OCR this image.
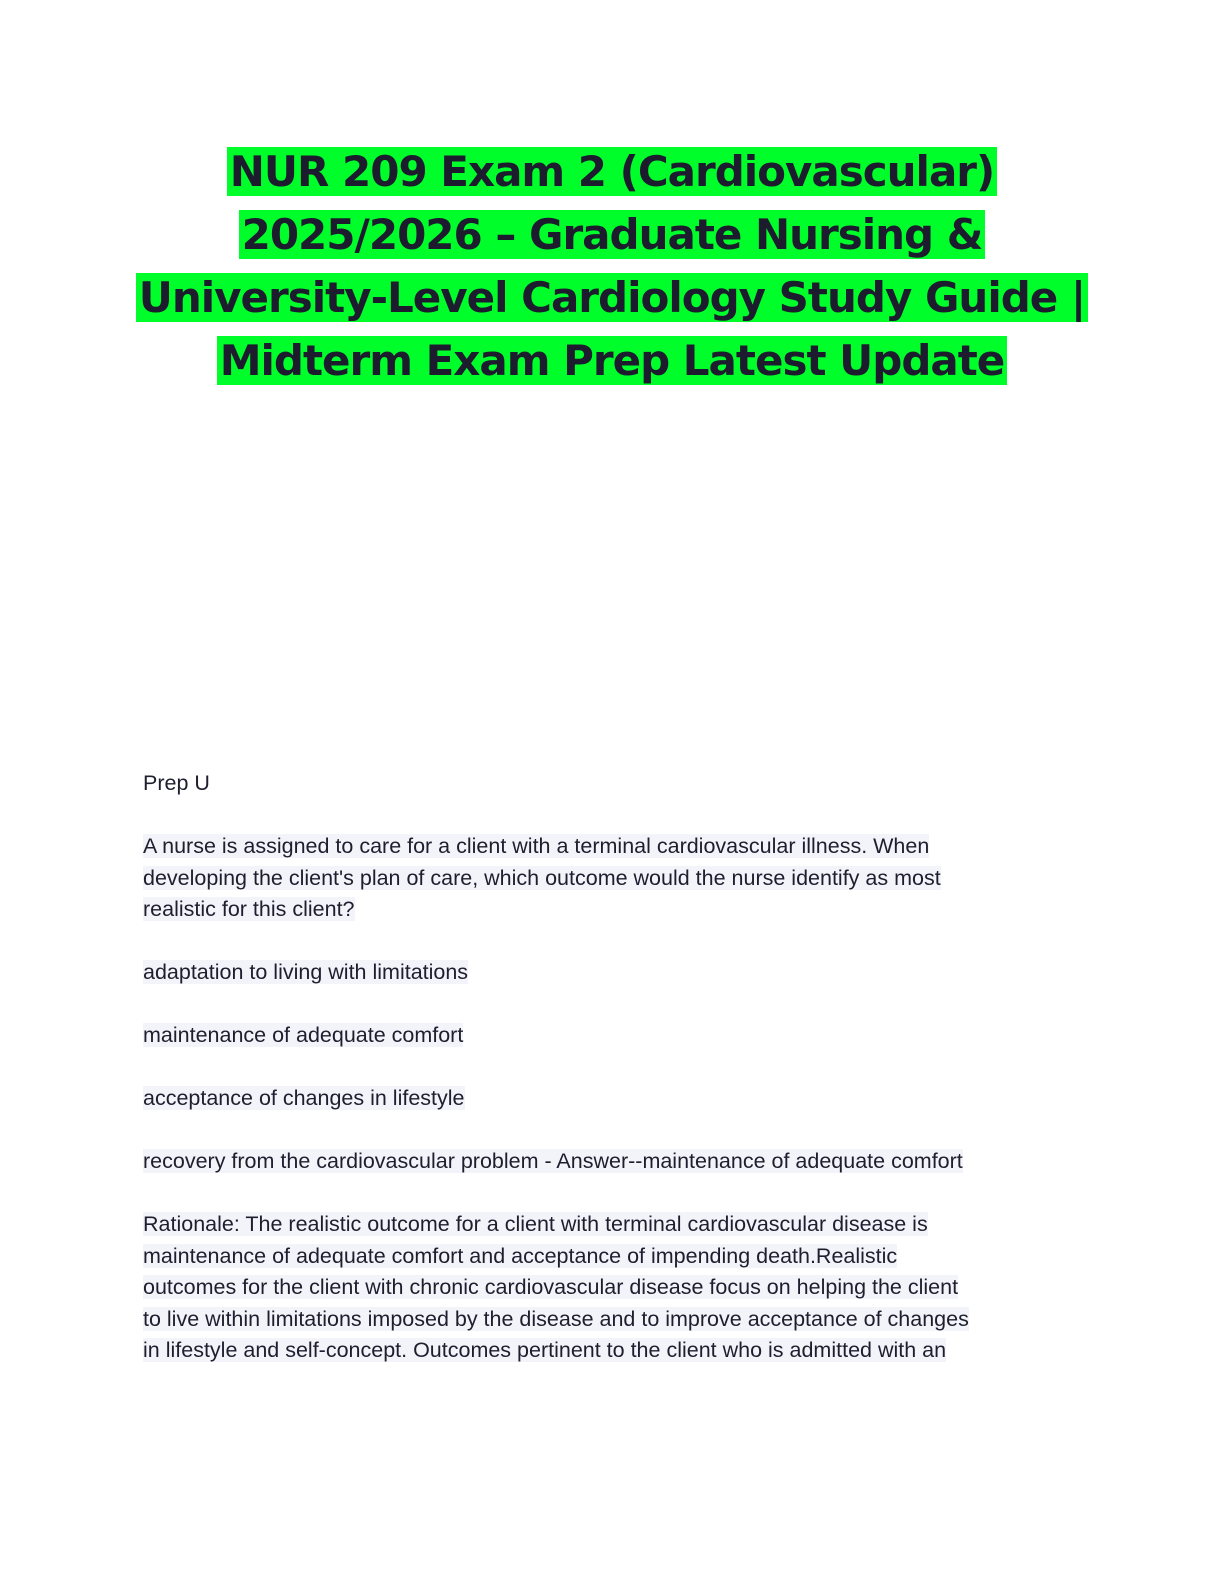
NUR 209 Exam 2 (Cardiovascular)
2025/2026 – Graduate Nursing &
University-Level Cardiology Study Guide |
Midterm Exam Prep Latest Update

Prep U

A nurse is assigned to care for a client with a terminal cardiovascular illness. When
developing the client's plan of care, which outcome would the nurse identify as most
realistic for this client?

adaptation to living with limitations

maintenance of adequate comfort

acceptance of changes in lifestyle

recovery from the cardiovascular problem - Answer--maintenance of adequate comfort

Rationale: The realistic outcome for a client with terminal cardiovascular disease is
maintenance of adequate comfort and acceptance of impending death.Realistic
outcomes for the client with chronic cardiovascular disease focus on helping the client
to live within limitations imposed by the disease and to improve acceptance of changes
in lifestyle and self-concept. Outcomes pertinent to the client who is admitted with an
